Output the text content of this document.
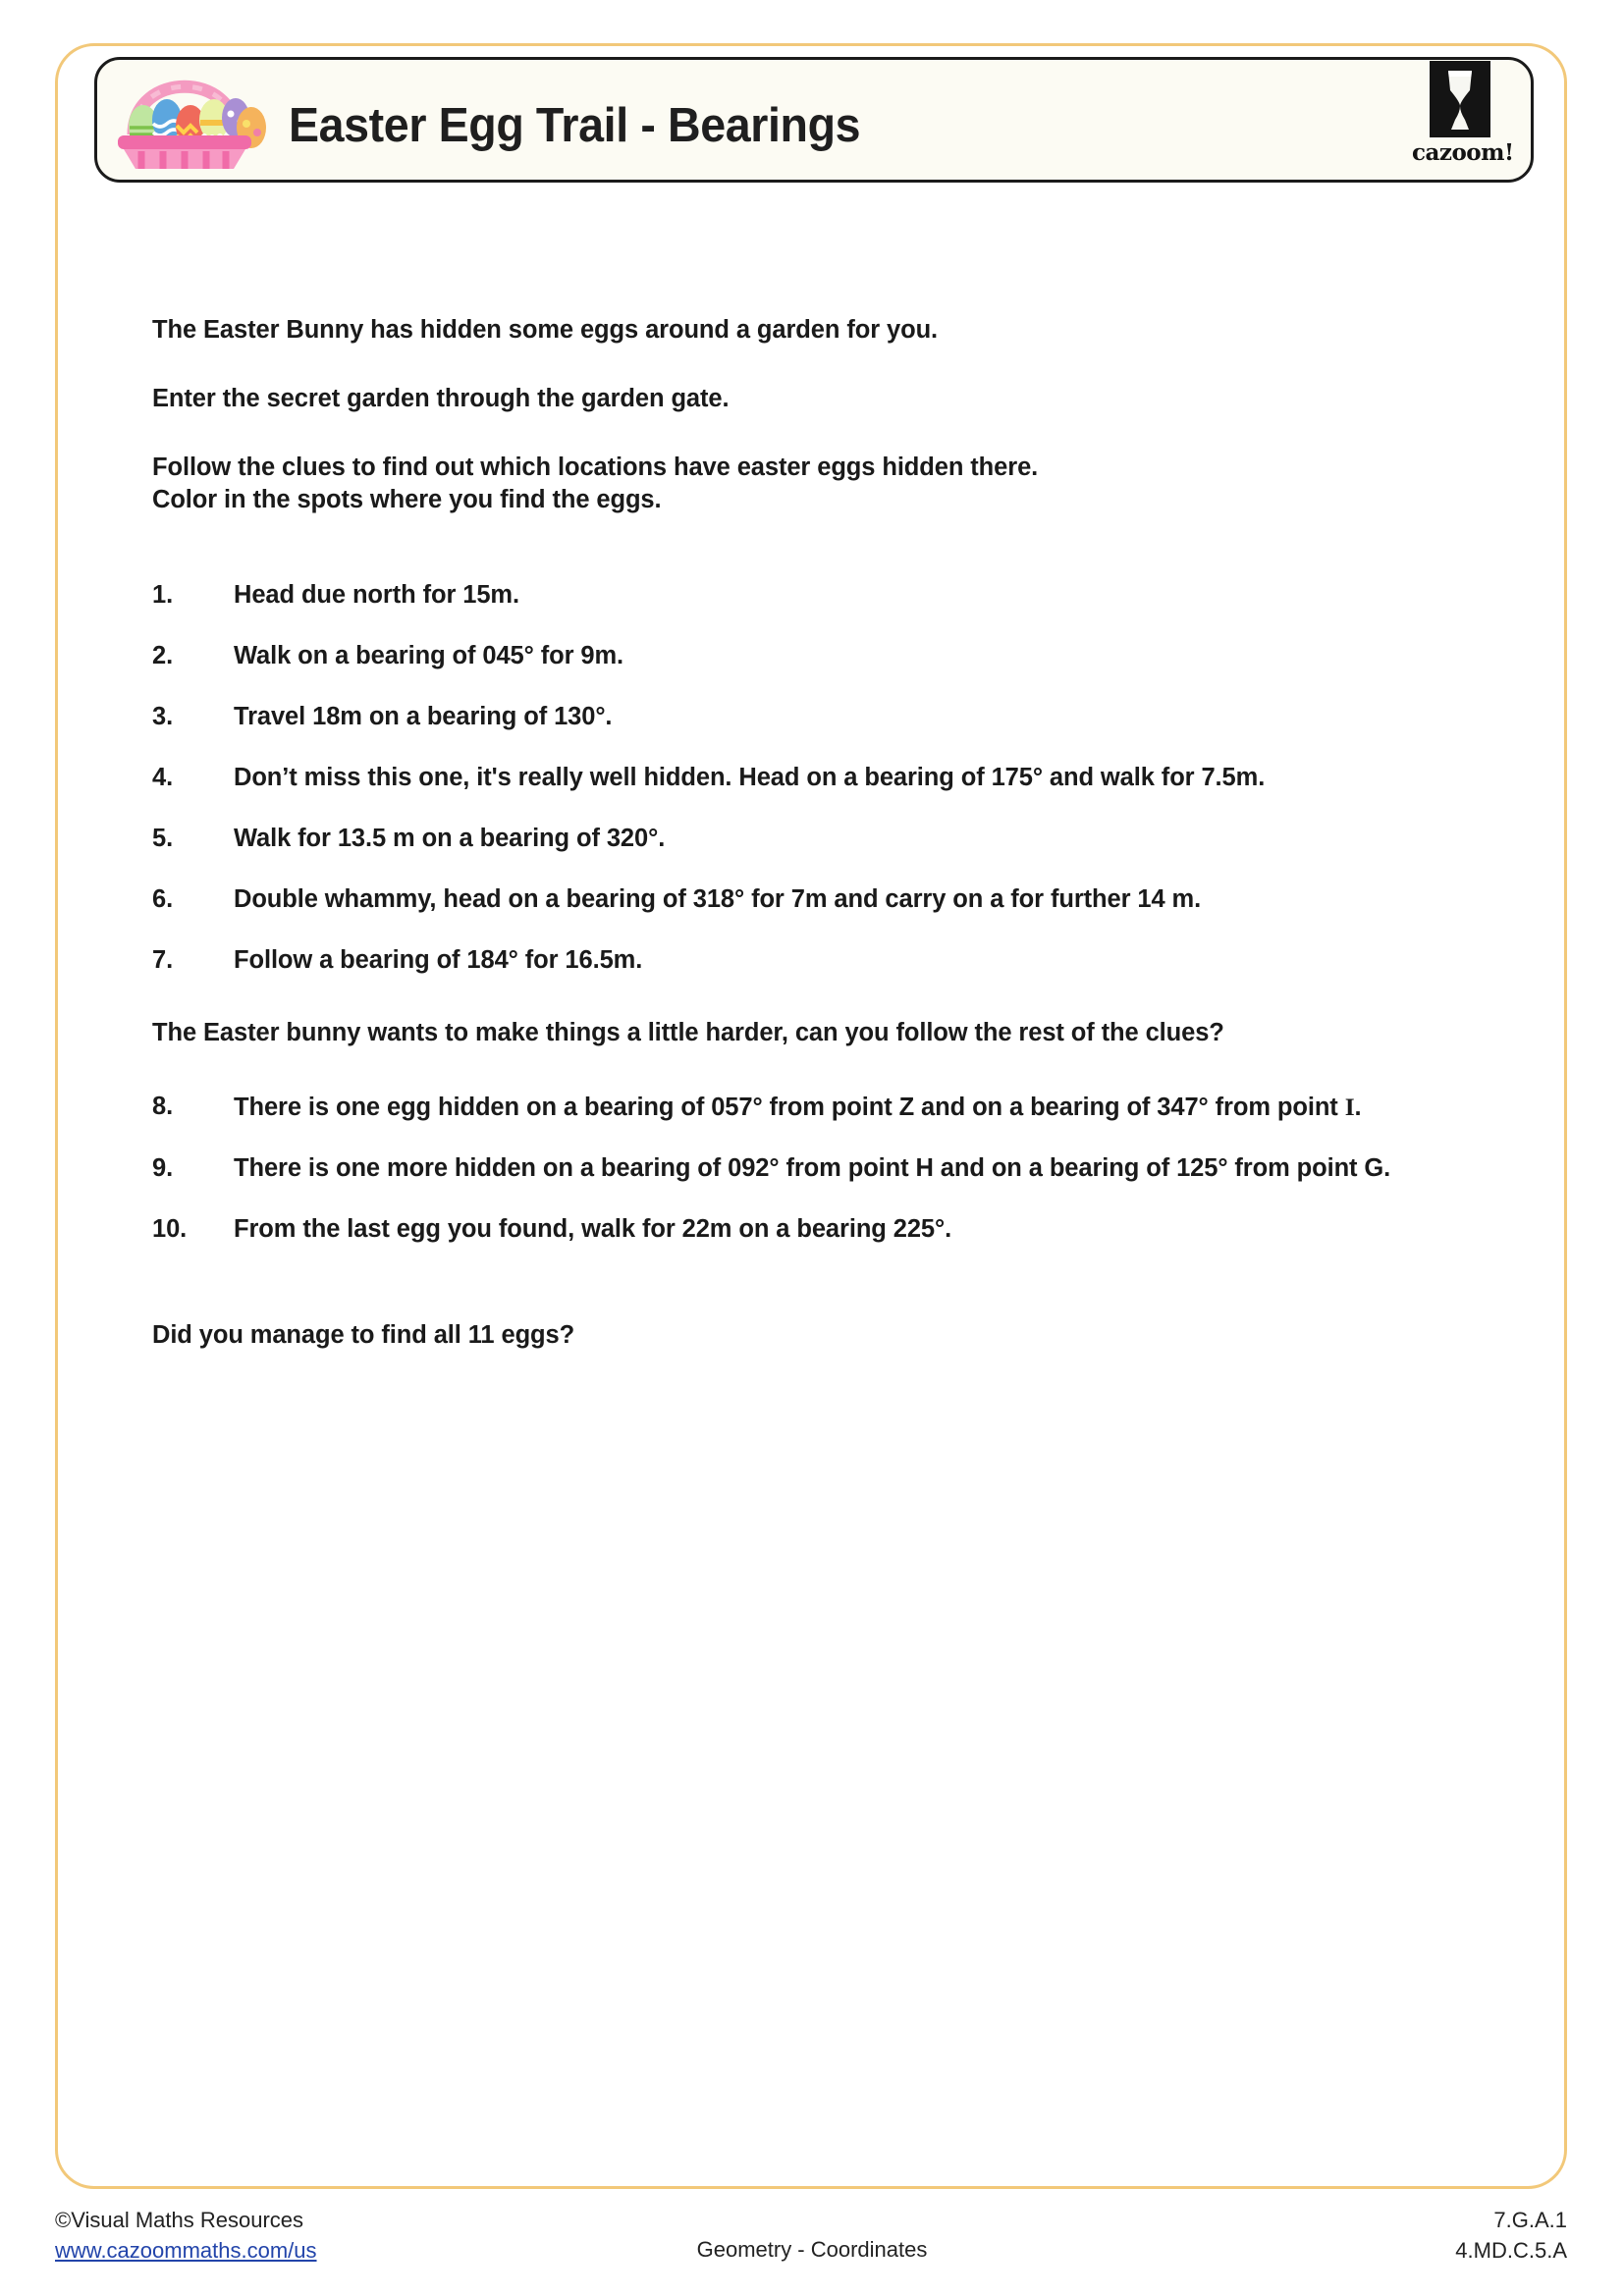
Easter Egg Trail - Bearings
cazoom!

The Easter Bunny has hidden some eggs around a garden for you.

Enter the secret garden through the garden gate.

Follow the clues to find out which locations have easter eggs hidden there.
Color in the spots where you find the eggs.

1.	Head due north for 15m.
2.	Walk on a bearing of 045° for 9m.
3.	Travel 18m on a bearing of 130°.
4.	Don’t miss this one, it's really well hidden. Head on a bearing of 175° and walk for 7.5m.
5.	Walk for 13.5 m on a bearing of 320°.
6.	Double whammy, head on a bearing of 318° for 7m and carry on a for further 14 m.
7.	Follow a bearing of 184° for 16.5m.

The Easter bunny wants to make things a little harder, can you follow the rest of the clues?

8.	There is one egg hidden on a bearing of 057° from point Z and on a bearing of 347° from point I.
9.	There is one more hidden on a bearing of 092° from point H and on a bearing of 125° from point G.
10.	From the last egg you found, walk for 22m on a bearing 225°.

Did you manage to find all 11 eggs?

©Visual Maths Resources
www.cazoommaths.com/us	Geometry - Coordinates
7.G.A.1
4.MD.C.5.A
